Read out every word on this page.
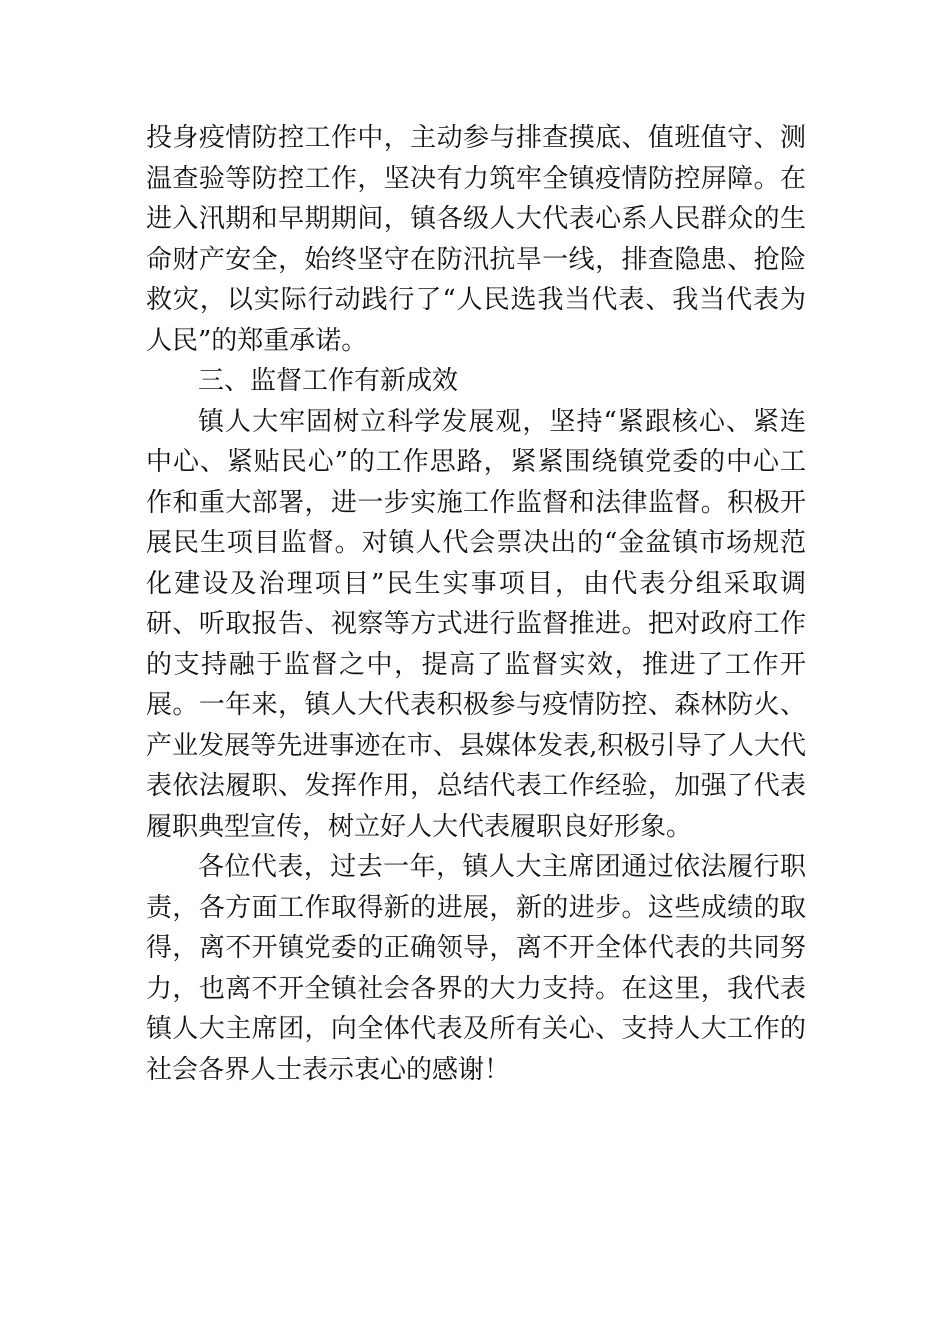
投身疫情防控工作中，主动参与排查摸底、值班值守、测温查验等防控工作，坚决有力筑牢全镇疫情防控屏障。在进入汛期和早期期间，镇各级人大代表心系人民群众的生命财产安全，始终坚守在防汛抗旱一线，排查隐患、抢险救灾，以实际行动践行了“人民选我当代表、我当代表为人民”的郑重承诺。

三、监督工作有新成效

镇人大牢固树立科学发展观，坚持“紧跟核心、紧连中心、紧贴民心”的工作思路，紧紧围绕镇党委的中心工作和重大部署，进一步实施工作监督和法律监督。积极开展民生项目监督。对镇人代会票决出的“金盆镇市场规范化建设及治理项目”民生实事项目，由代表分组采取调研、听取报告、视察等方式进行监督推进。把对政府工作的支持融于监督之中，提高了监督实效，推进了工作开展。一年来，镇人大代表积极参与疫情防控、森林防火、产业发展等先进事迹在市、县媒体发表,积极引导了人大代表依法履职、发挥作用，总结代表工作经验，加强了代表履职典型宣传，树立好人大代表履职良好形象。

各位代表，过去一年，镇人大主席团通过依法履行职责，各方面工作取得新的进展，新的进步。这些成绩的取得，离不开镇党委的正确领导，离不开全体代表的共同努力，也离不开全镇社会各界的大力支持。在这里，我代表镇人大主席团，向全体代表及所有关心、支持人大工作的社会各界人士表示衷心的感谢！
